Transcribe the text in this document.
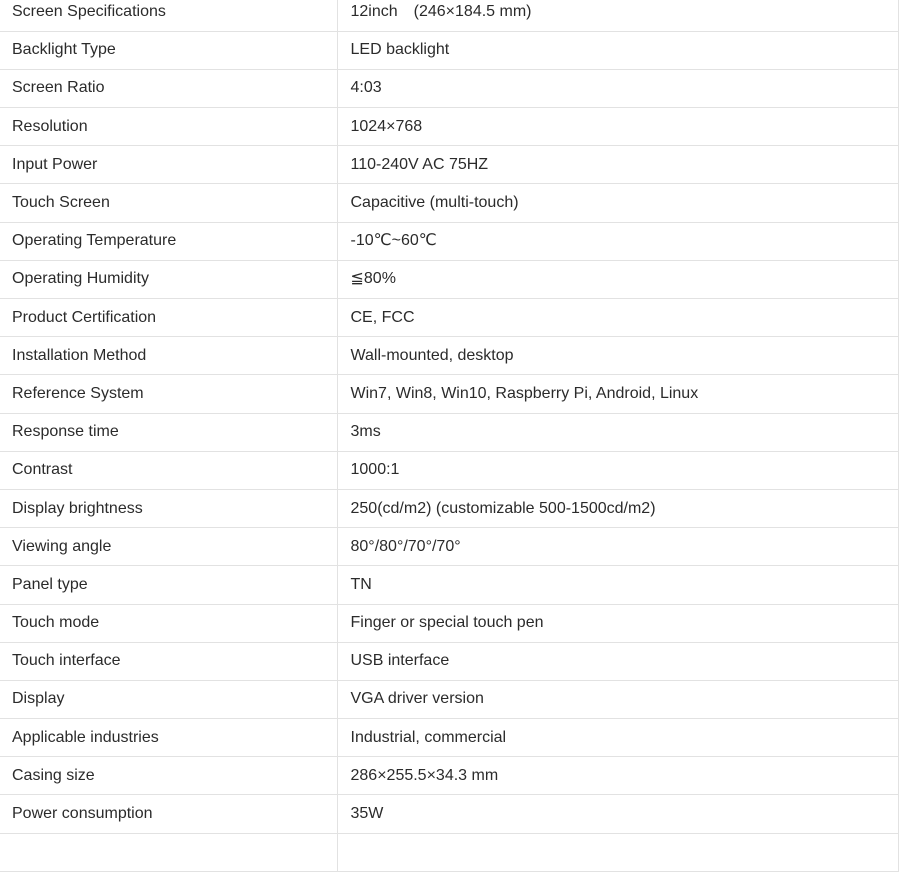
Screen Specifications	12inch　(246×184.5 mm)
Backlight Type	LED backlight
Screen Ratio	4:03
Resolution	1024×768
Input Power	110-240V AC 75HZ
Touch Screen	Capacitive (multi-touch)
Operating Temperature	-10℃~60℃
Operating Humidity	≦80%
Product Certification	CE, FCC
Installation Method	Wall-mounted, desktop
Reference System	Win7, Win8, Win10, Raspberry Pi, Android, Linux
Response time	3ms
Contrast	1000:1
Display brightness	250(cd/m2) (customizable 500-1500cd/m2)
Viewing angle	80°/80°/70°/70°
Panel type	TN
Touch mode	Finger or special touch pen
Touch interface	USB interface
Display	VGA driver version
Applicable industries	Industrial, commercial
Casing size	286×255.5×34.3 mm
Power consumption	35W
